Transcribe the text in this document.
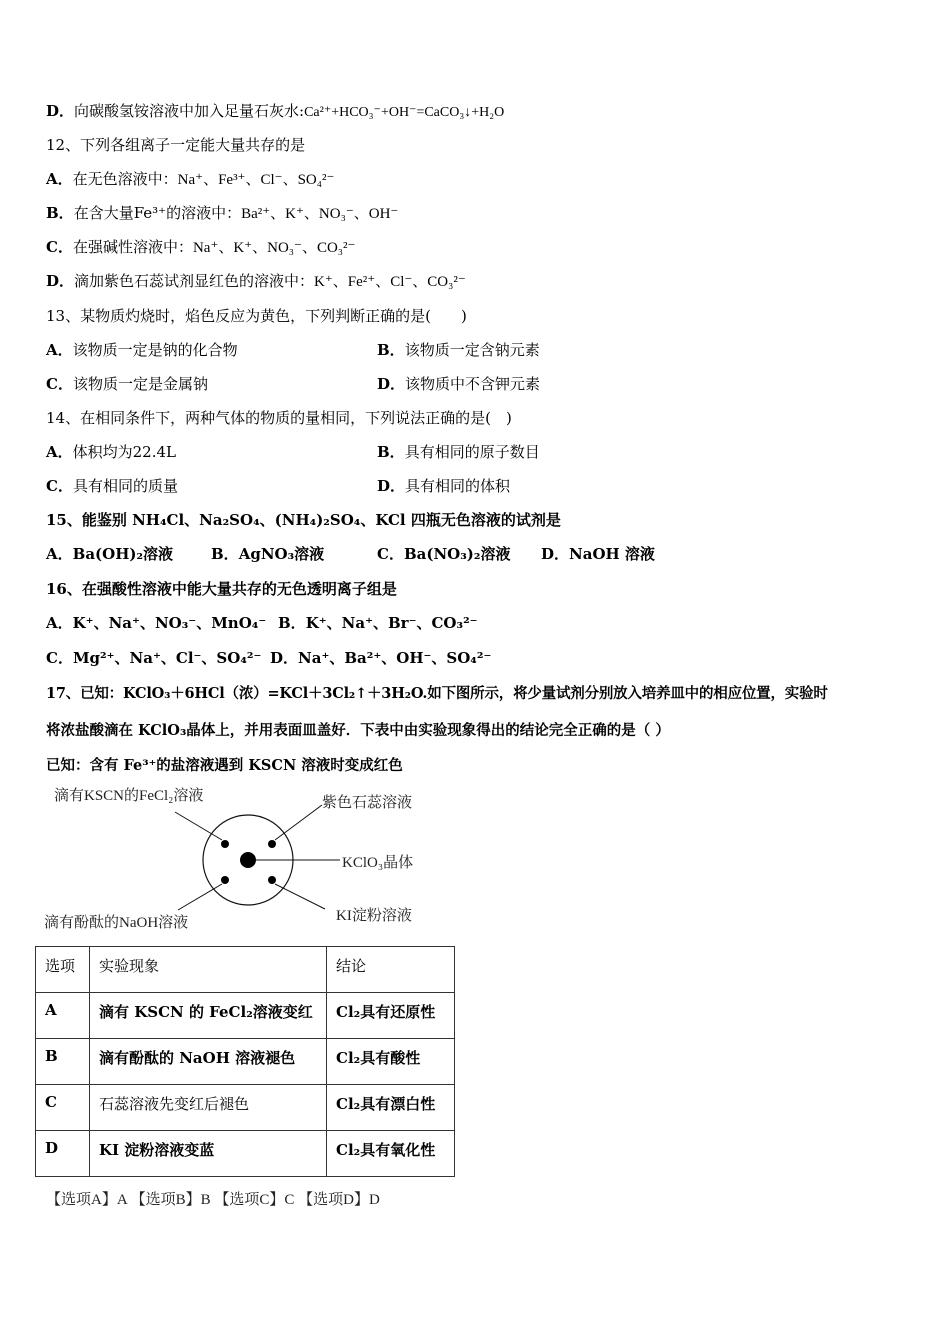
D．向碳酸氢铵溶液中加入足量石灰水:Ca²⁺+HCO₃⁻+OH⁻=CaCO₃↓+H₂O
12、下列各组离子一定能大量共存的是
A．在无色溶液中：Na⁺、Fe³⁺、Cl⁻、SO₄²⁻
B．在含大量Fe³⁺的溶液中：Ba²⁺、K⁺、NO₃⁻、OH⁻
C．在强碱性溶液中：Na⁺、K⁺、NO₃⁻、CO₃²⁻
D．滴加紫色石蕊试剂显红色的溶液中：K⁺、Fe²⁺、Cl⁻、CO₃²⁻
13、某物质灼烧时，焰色反应为黄色，下列判断正确的是(　　)
A．该物质一定是钠的化合物	B．该物质一定含钠元素
C．该物质一定是金属钠	D．该物质中不含钾元素
14、在相同条件下，两种气体的物质的量相同，下列说法正确的是(　)
A．体积均为22.4L	B．具有相同的原子数目
C．具有相同的质量	D．具有相同的体积
15、能鉴别 NH₄Cl、Na₂SO₄、(NH₄)₂SO₄、KCl 四瓶无色溶液的试剂是
A．Ba(OH)₂溶液	B．AgNO₃溶液	C．Ba(NO₃)₂溶液 D．NaOH 溶液
16、在强酸性溶液中能大量共存的无色透明离子组是
A．K⁺、Na⁺、NO₃⁻、MnO₄⁻ B．K⁺、Na⁺、Br⁻、CO₃²⁻
C．Mg²⁺、Na⁺、Cl⁻、SO₄²⁻ D．Na⁺、Ba²⁺、OH⁻、SO₄²⁻
17、已知：KClO₃＋6HCl（浓）=KCl＋3Cl₂↑＋3H₂O.如下图所示，将少量试剂分别放入培养皿中的相应位置，实验时
将浓盐酸滴在 KClO₃晶体上，并用表面皿盖好．下表中由实验现象得出的结论完全正确的是（ ）
已知：含有 Fe³⁺的盐溶液遇到 KSCN 溶液时变成红色
滴有KSCN的FeCl₂溶液	紫色石蕊溶液
KClO₃晶体
滴有酚酞的NaOH溶液	KI淀粉溶液
选项	实验现象	结论
A	滴有 KSCN 的 FeCl₂溶液变红	Cl₂具有还原性
B	滴有酚酞的 NaOH 溶液褪色	Cl₂具有酸性
C	石蕊溶液先变红后褪色	Cl₂具有漂白性
D	KI 淀粉溶液变蓝	Cl₂具有氧化性
【选项A】A 【选项B】B 【选项C】C 【选项D】D
